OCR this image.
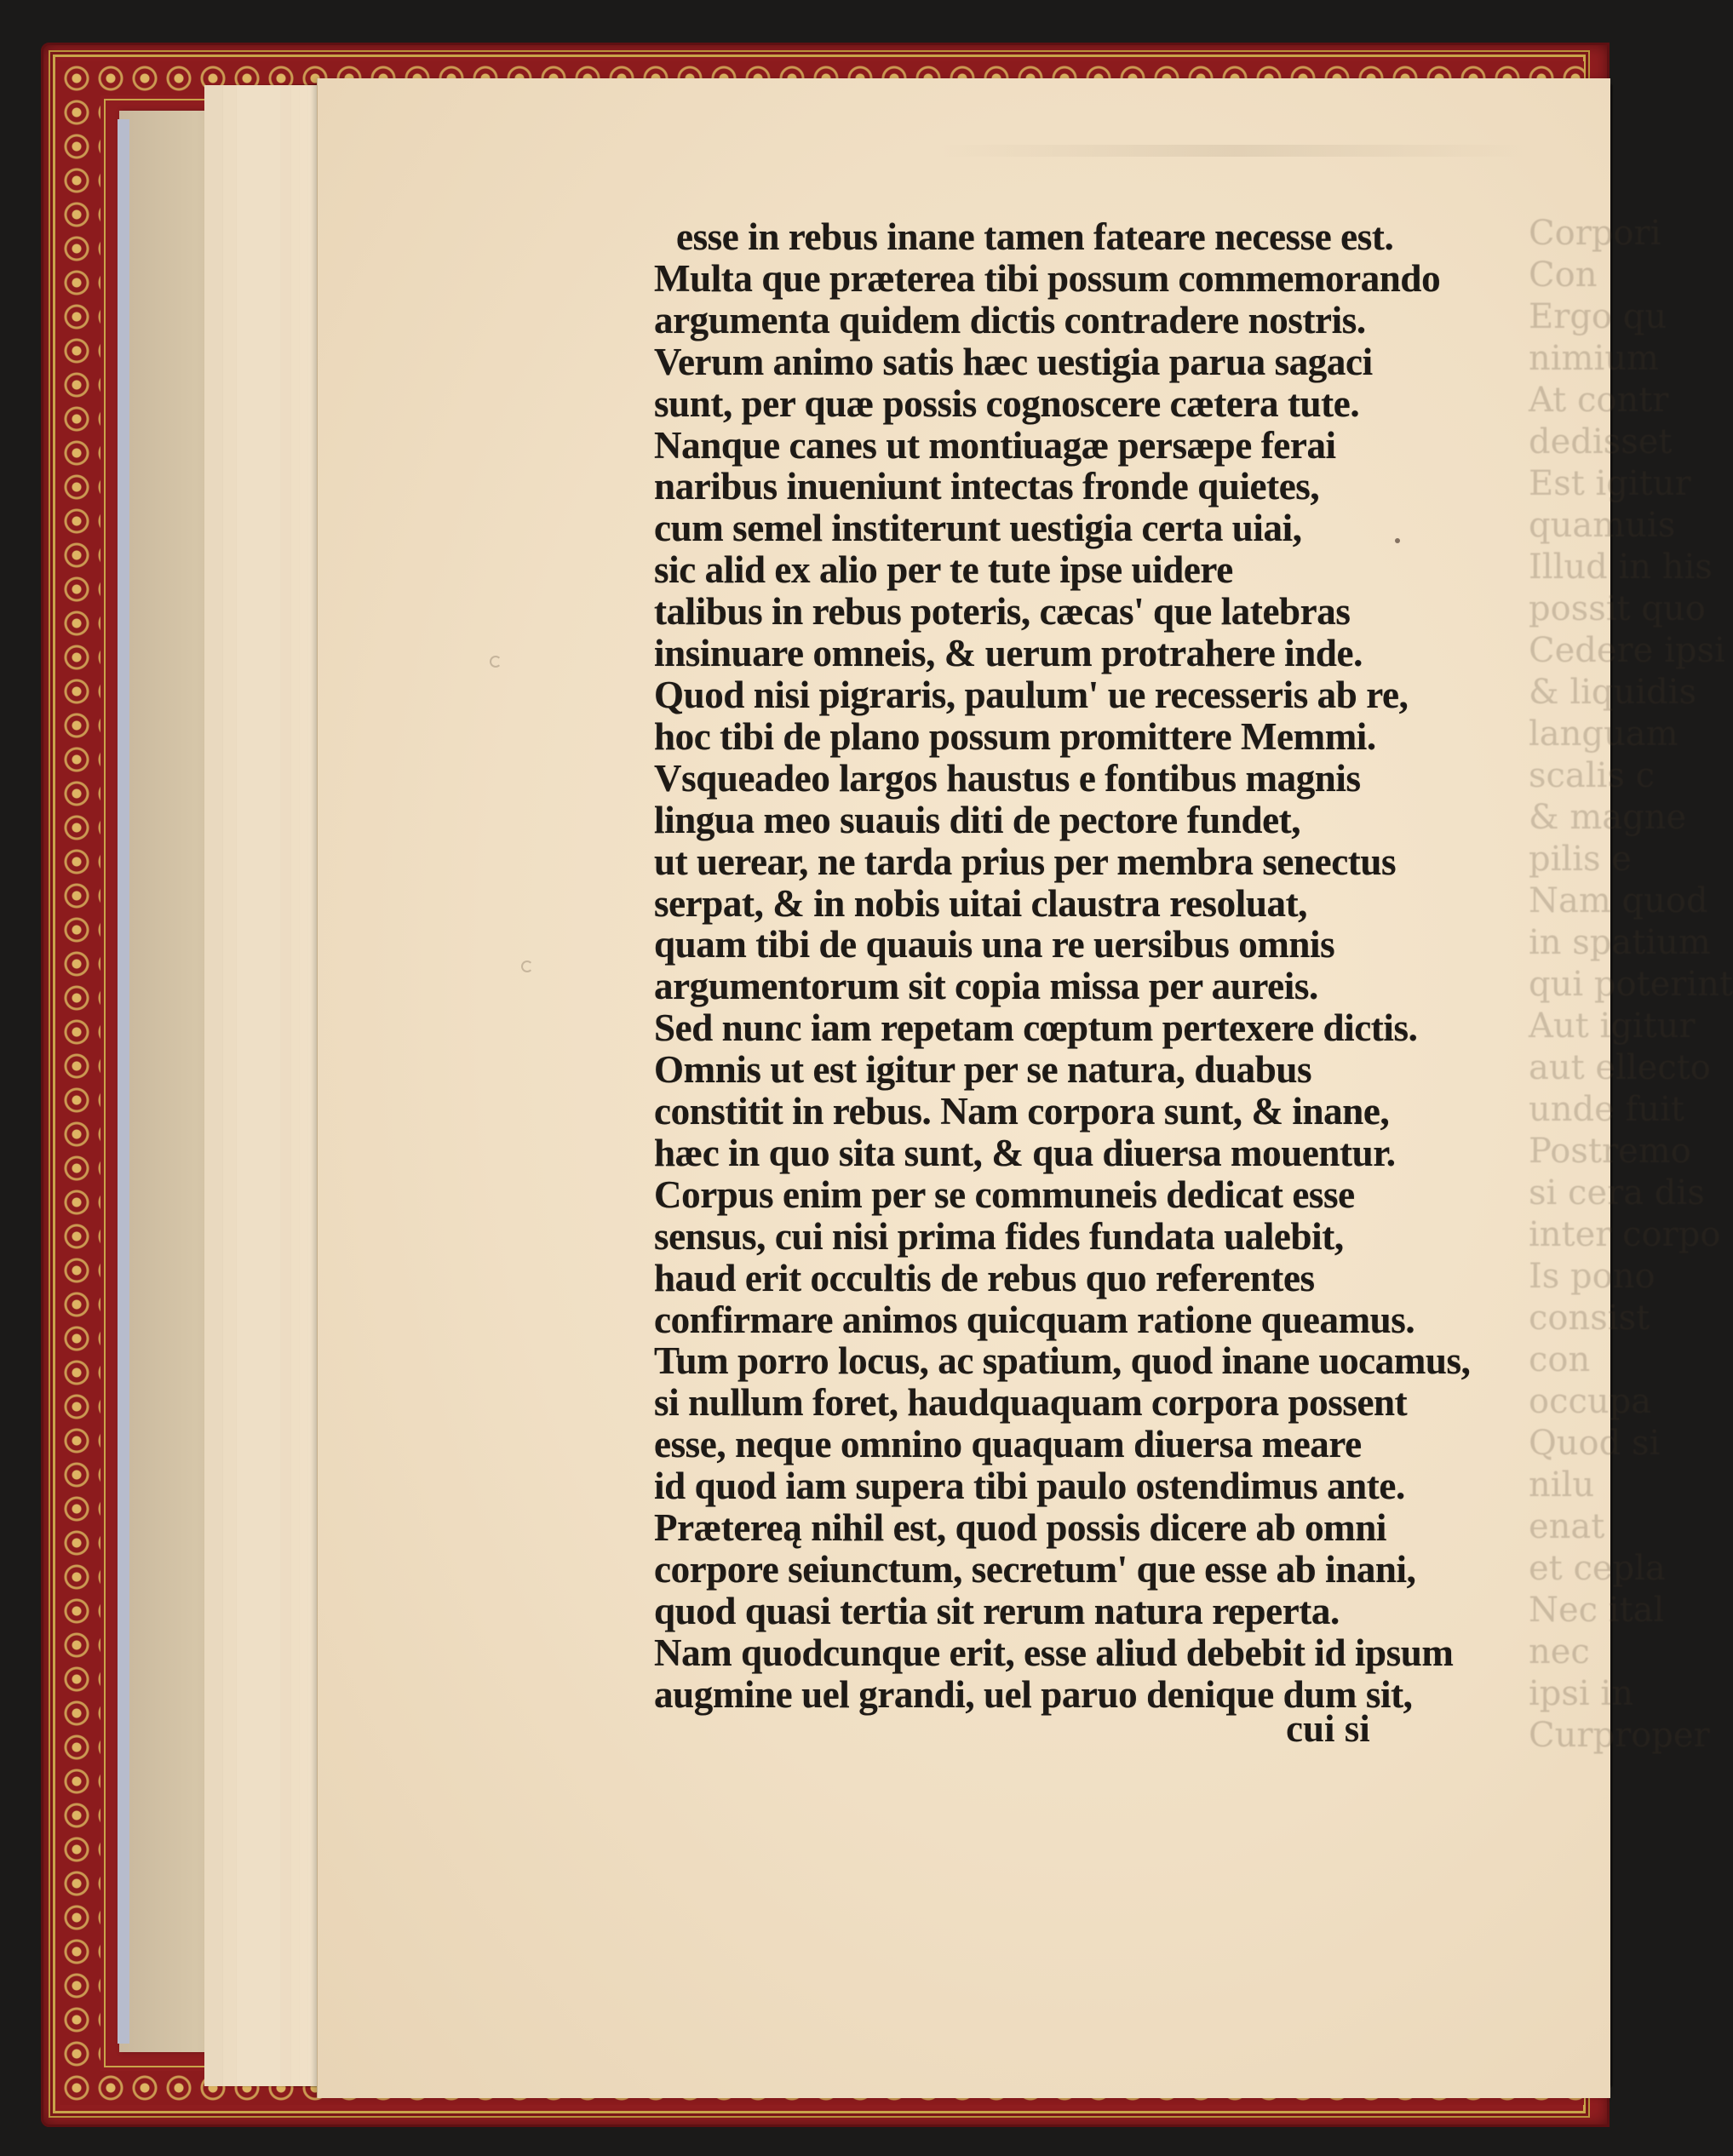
Corpori
Con
Ergo qu
nimium
At contr
dedisset
Est igitur
quamuis
Illud in his
possit quo
Cedere ipsi
& liquidis
languam
scalis c
& magne
pilis e
Nam quod
in spatium
qui poterint
Aut igitur
aut ellecto
unde fuit
Postremo
si cera dis
inter corpo
Is pono
consist
con
occupa
Quod si
nilu
enat
et cepla
Nec ital
nec
ipsi in
Curproper
esse in rebus inane tamen fateare necesse est.
Multa que præterea tibi possum commemorando
argumenta quidem dictis contradere nostris.
Verum animo satis hæc uestigia parua sagaci
sunt, per quæ possis cognoscere cætera tute.
Nanque canes ut montiuagæ persæpe ferai
naribus inueniunt intectas fronde quietes,
cum semel institerunt uestigia certa uiai,
sic alid ex alio per te tute ipse uidere
talibus in rebus poteris, cæcas' que latebras
insinuare omneis, & uerum protrahere inde.
Quod nisi pigraris, paulum' ue recesseris ab re,
hoc tibi de plano possum promittere Memmi.
Vsqueadeo largos haustus e fontibus magnis
lingua meo suauis diti de pectore fundet,
ut uerear, ne tarda prius per membra senectus
serpat, & in nobis uitai claustra resoluat,
quam tibi de quauis una re uersibus omnis
argumentorum sit copia missa per aureis.
Sed nunc iam repetam cœptum pertexere dictis.
Omnis ut est igitur per se natura, duabus
constitit in rebus. Nam corpora sunt, & inane,
hæc in quo sita sunt, & qua diuersa mouentur.
Corpus enim per se communeis dedicat esse
sensus, cui nisi prima fides fundata ualebit,
haud erit occultis de rebus quo referentes
confirmare animos quicquam ratione queamus.
Tum porro locus, ac spatium, quod inane uocamus,
si nullum foret, haudquaquam corpora possent
esse, neque omnino quaquam diuersa meare
id quod iam supera tibi paulo ostendimus ante.
Prætereą nihil est, quod possis dicere ab omni
corpore seiunctum, secretum' que esse ab inani,
quod quasi tertia sit rerum natura reperta.
Nam quodcunque erit, esse aliud debebit id ipsum
augmine uel grandi, uel paruo denique dum sit,
cui si
